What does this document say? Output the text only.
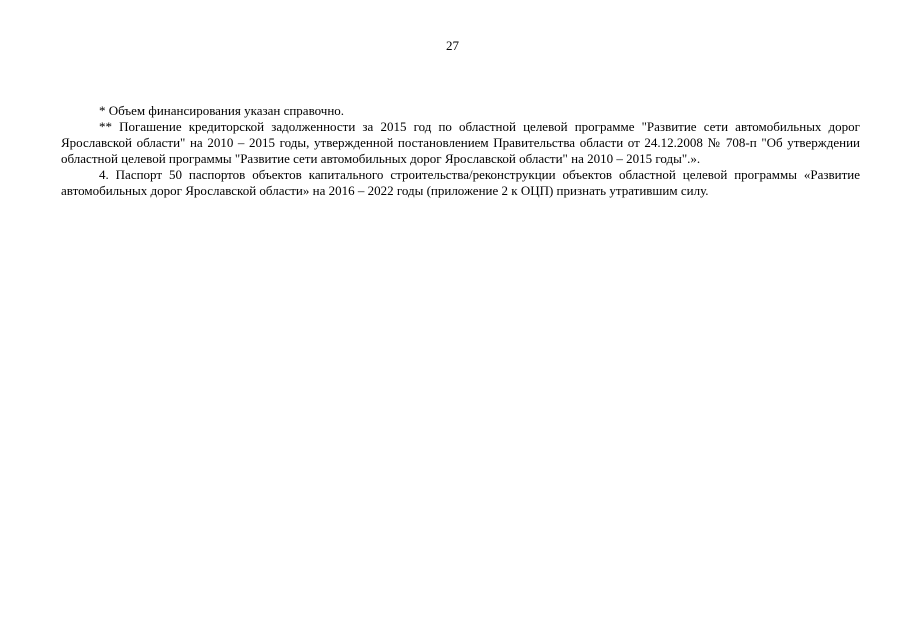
27

* Объем финансирования указан справочно.

** Погашение кредиторской задолженности за 2015 год по областной целевой программе "Развитие сети автомобильных дорог Ярославской области" на 2010 – 2015 годы, утвержденной постановлением Правительства области от 24.12.2008 № 708-п "Об утверждении областной целевой программы "Развитие сети автомобильных дорог Ярославской области" на 2010 – 2015 годы".».

4. Паспорт 50 паспортов объектов капитального строительства/реконструкции объектов областной целевой программы «Развитие автомобильных дорог Ярославской области» на 2016 – 2022 годы (приложение 2 к ОЦП) признать утратившим силу.
